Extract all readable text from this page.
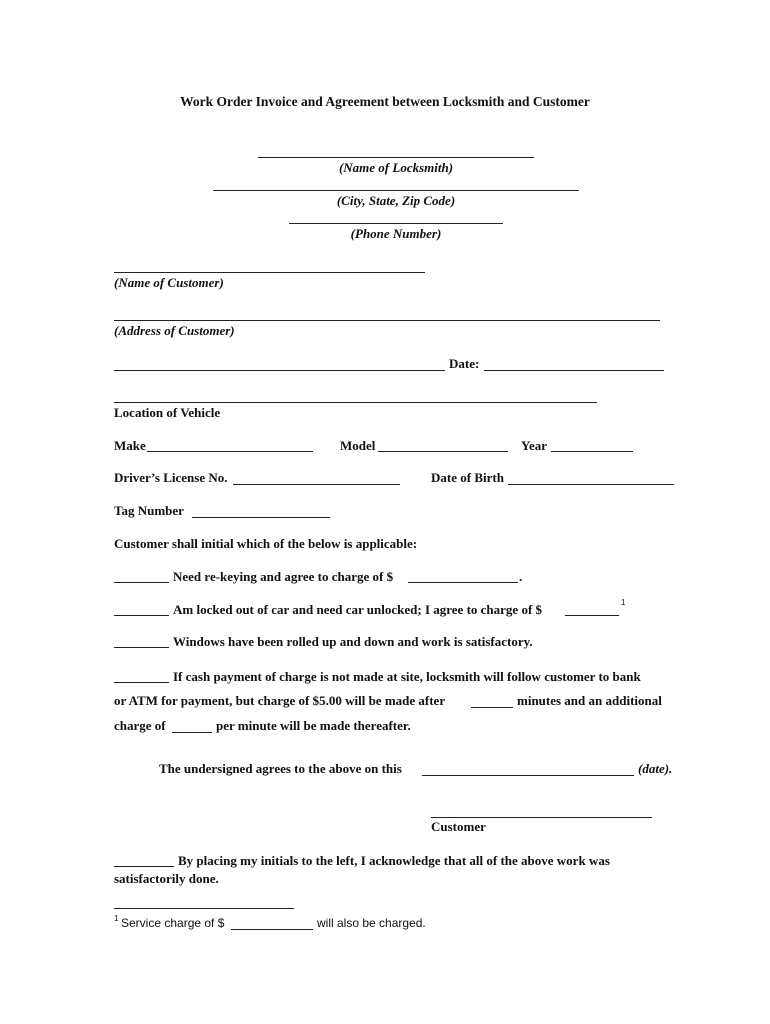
Work Order Invoice and Agreement between Locksmith and Customer
(Name of Locksmith)
(City, State, Zip Code)
(Phone Number)
(Name of Customer)
(Address of Customer)
Date:
Location of Vehicle
Make	Model	Year
Driver’s License No.	Date of Birth
Tag Number
Customer shall initial which of the below is applicable:
Need re-keying and agree to charge of $	.
Am locked out of car and need car unlocked; I agree to charge of $	1
Windows have been rolled up and down and work is satisfactory.
If cash payment of charge is not made at site, locksmith will follow customer to bank
or ATM for payment, but charge of $5.00 will be made after	minutes and an additional
charge of	per minute will be made thereafter.
The undersigned agrees to the above on this	(date).
Customer
By placing my initials to the left, I acknowledge that all of the above work was
satisfactorily done.
1 Service charge of $	will also be charged.
